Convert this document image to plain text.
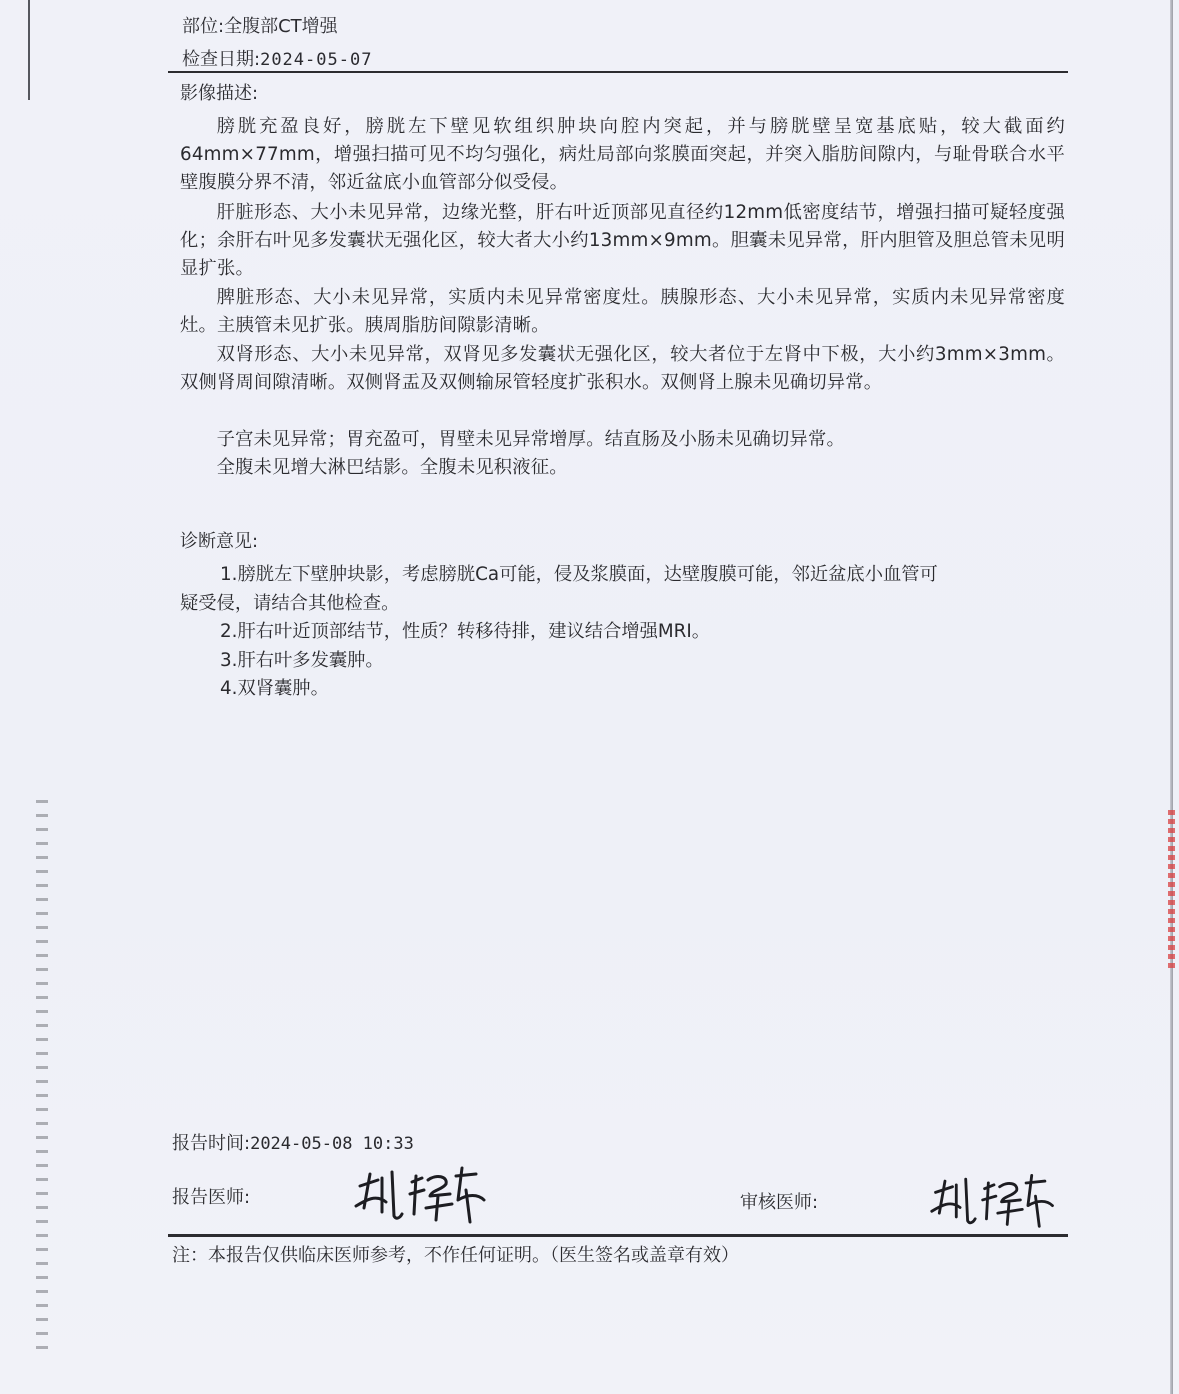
部位:全腹部CT增强
检查日期:2024-05-07
影像描述:
膀胱充盈良好，膀胱左下壁见软组织肿块向腔内突起，并与膀胱壁呈宽基底贴，较大截面约64mm×77mm，增强扫描可见不均匀强化，病灶局部向浆膜面突起，并突入脂肪间隙内，与耻骨联合水平壁腹膜分界不清，邻近盆底小血管部分似受侵。
肝脏形态、大小未见异常，边缘光整，肝右叶近顶部见直径约12mm低密度结节，增强扫描可疑轻度强化；余肝右叶见多发囊状无强化区，较大者大小约13mm×9mm。胆囊未见异常，肝内胆管及胆总管未见明显扩张。
脾脏形态、大小未见异常，实质内未见异常密度灶。胰腺形态、大小未见异常，实质内未见异常密度灶。主胰管未见扩张。胰周脂肪间隙影清晰。
双肾形态、大小未见异常，双肾见多发囊状无强化区，较大者位于左肾中下极，大小约3mm×3mm。双侧肾周间隙清晰。双侧肾盂及双侧输尿管轻度扩张积水。双侧肾上腺未见确切异常。
子宫未见异常；胃充盈可，胃壁未见异常增厚。结直肠及小肠未见确切异常。
全腹未见增大淋巴结影。全腹未见积液征。
诊断意见:
1.膀胱左下壁肿块影，考虑膀胱Ca可能，侵及浆膜面，达壁腹膜可能，邻近盆底小血管可
疑受侵，请结合其他检查。
2.肝右叶近顶部结节，性质？转移待排，建议结合增强MRI。
3.肝右叶多发囊肿。
4.双肾囊肿。
报告时间:2024-05-08 10:33
报告医师:	审核医师:
注：本报告仅供临床医师参考，不作任何证明。（医生签名或盖章有效）
